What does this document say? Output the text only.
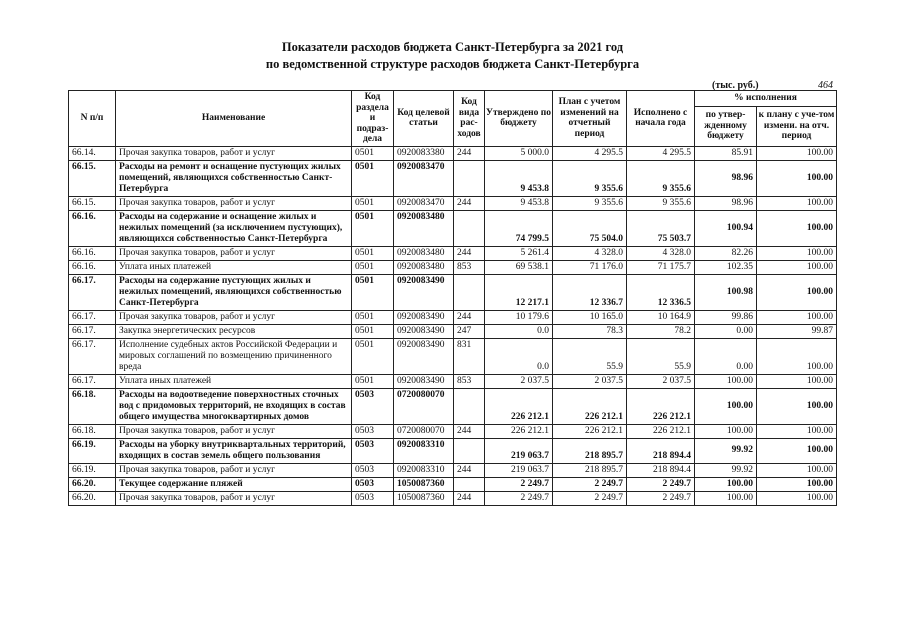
Показатели расходов бюджета Санкт-Петербурга за 2021 год
по ведомственной структуре расходов бюджета Санкт-Петербурга
(тыс. руб.)	464
N п/п	Наименование	Код раздела и подраз-дела	Код целевой статьи	Код вида рас-ходов	Утверждено по бюджету	План с учетом изменений на отчетный период	Исполнено с начала года	% исполнения	
								по утвер-жденному бюджету	к плану с уче-том измени. на отч. период
66.14.	Прочая закупка товаров, работ и услуг	0501	0920083380	244	5 000.0	4 295.5	4 295.5	85.91	100.00
66.15.	Расходы на ремонт и оснащение пустующих жилых помещений, являющихся собственностью Санкт-Петербурга	0501	0920083470		9 453.8	9 355.6	9 355.6	98.96	100.00
66.15.	Прочая закупка товаров, работ и услуг	0501	0920083470	244	9 453.8	9 355.6	9 355.6	98.96	100.00
66.16.	Расходы на содержание и оснащение жилых и нежилых помещений (за исключением пустующих), являющихся собственностью Санкт-Петербурга	0501	0920083480		74 799.5	75 504.0	75 503.7	100.94	100.00
66.16.	Прочая закупка товаров, работ и услуг	0501	0920083480	244	5 261.4	4 328.0	4 328.0	82.26	100.00
66.16.	Уплата иных платежей	0501	0920083480	853	69 538.1	71 176.0	71 175.7	102.35	100.00
66.17.	Расходы на содержание пустующих жилых и нежилых помещений, являющихся собственностью Санкт-Петербурга	0501	0920083490		12 217.1	12 336.7	12 336.5	100.98	100.00
66.17.	Прочая закупка товаров, работ и услуг	0501	0920083490	244	10 179.6	10 165.0	10 164.9	99.86	100.00
66.17.	Закупка энергетических ресурсов	0501	0920083490	247	0.0	78.3	78.2	0.00	99.87
66.17.	Исполнение судебных актов Российской Федерации и мировых соглашений по возмещению причиненного вреда	0501	0920083490	831	0.0	55.9	55.9	0.00	100.00
66.17.	Уплата иных платежей	0501	0920083490	853	2 037.5	2 037.5	2 037.5	100.00	100.00
66.18.	Расходы на водоотведение поверхностных сточных вод с придомовых территорий, не входящих в состав общего имущества многоквартирных домов	0503	0720080070		226 212.1	226 212.1	226 212.1	100.00	100.00
66.18.	Прочая закупка товаров, работ и услуг	0503	0720080070	244	226 212.1	226 212.1	226 212.1	100.00	100.00
66.19.	Расходы на уборку внутриквартальных территорий, входящих в состав земель общего пользования	0503	0920083310		219 063.7	218 895.7	218 894.4	99.92	100.00
66.19.	Прочая закупка товаров, работ и услуг	0503	0920083310	244	219 063.7	218 895.7	218 894.4	99.92	100.00
66.20.	Текущее содержание пляжей	0503	1050087360		2 249.7	2 249.7	2 249.7	100.00	100.00
66.20.	Прочая закупка товаров, работ и услуг	0503	1050087360	244	2 249.7	2 249.7	2 249.7	100.00	100.00
